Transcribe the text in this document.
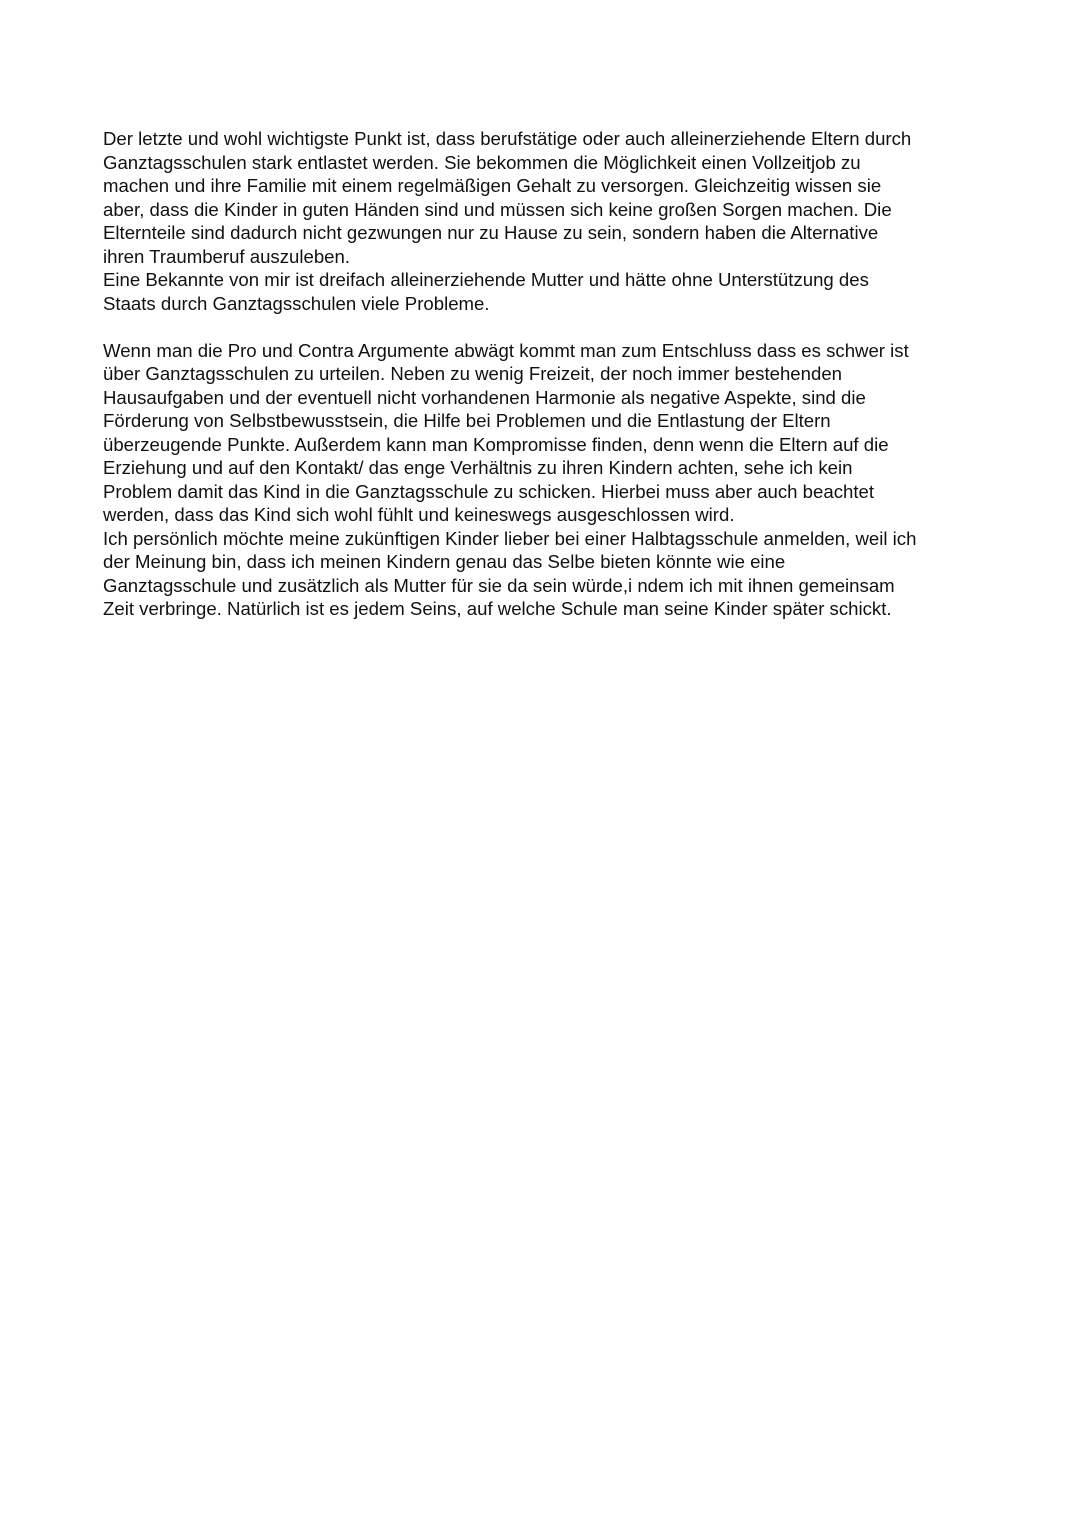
Der letzte und wohl wichtigste Punkt ist, dass berufstätige oder auch alleinerziehende Eltern durch
Ganztagsschulen stark entlastet werden. Sie bekommen die Möglichkeit einen Vollzeitjob zu
machen und ihre Familie mit einem regelmäßigen Gehalt zu versorgen. Gleichzeitig wissen sie
aber, dass die Kinder in guten Händen sind und müssen sich keine großen Sorgen machen. Die
Elternteile sind dadurch nicht gezwungen nur zu Hause zu sein, sondern haben die Alternative
ihren Traumberuf auszuleben.
Eine Bekannte von mir ist dreifach alleinerziehende Mutter und hätte ohne Unterstützung des
Staats durch Ganztagsschulen viele Probleme.
Wenn man die Pro und Contra Argumente abwägt kommt man zum Entschluss dass es schwer ist
über Ganztagsschulen zu urteilen. Neben zu wenig Freizeit, der noch immer bestehenden
Hausaufgaben und der eventuell nicht vorhandenen Harmonie als negative Aspekte, sind die
Förderung von Selbstbewusstsein, die Hilfe bei Problemen und die Entlastung der Eltern
überzeugende Punkte. Außerdem kann man Kompromisse finden, denn wenn die Eltern auf die
Erziehung und auf den Kontakt/ das enge Verhältnis zu ihren Kindern achten, sehe ich kein
Problem damit das Kind in die Ganztagsschule zu schicken. Hierbei muss aber auch beachtet
werden, dass das Kind sich wohl fühlt und keineswegs ausgeschlossen wird.
Ich persönlich möchte meine zukünftigen Kinder lieber bei einer Halbtagsschule anmelden, weil ich
der Meinung bin, dass ich meinen Kindern genau das Selbe bieten könnte wie eine
Ganztagsschule und zusätzlich als Mutter für sie da sein würde,i ndem ich mit ihnen gemeinsam
Zeit verbringe. Natürlich ist es jedem Seins, auf welche Schule man seine Kinder später schickt.
